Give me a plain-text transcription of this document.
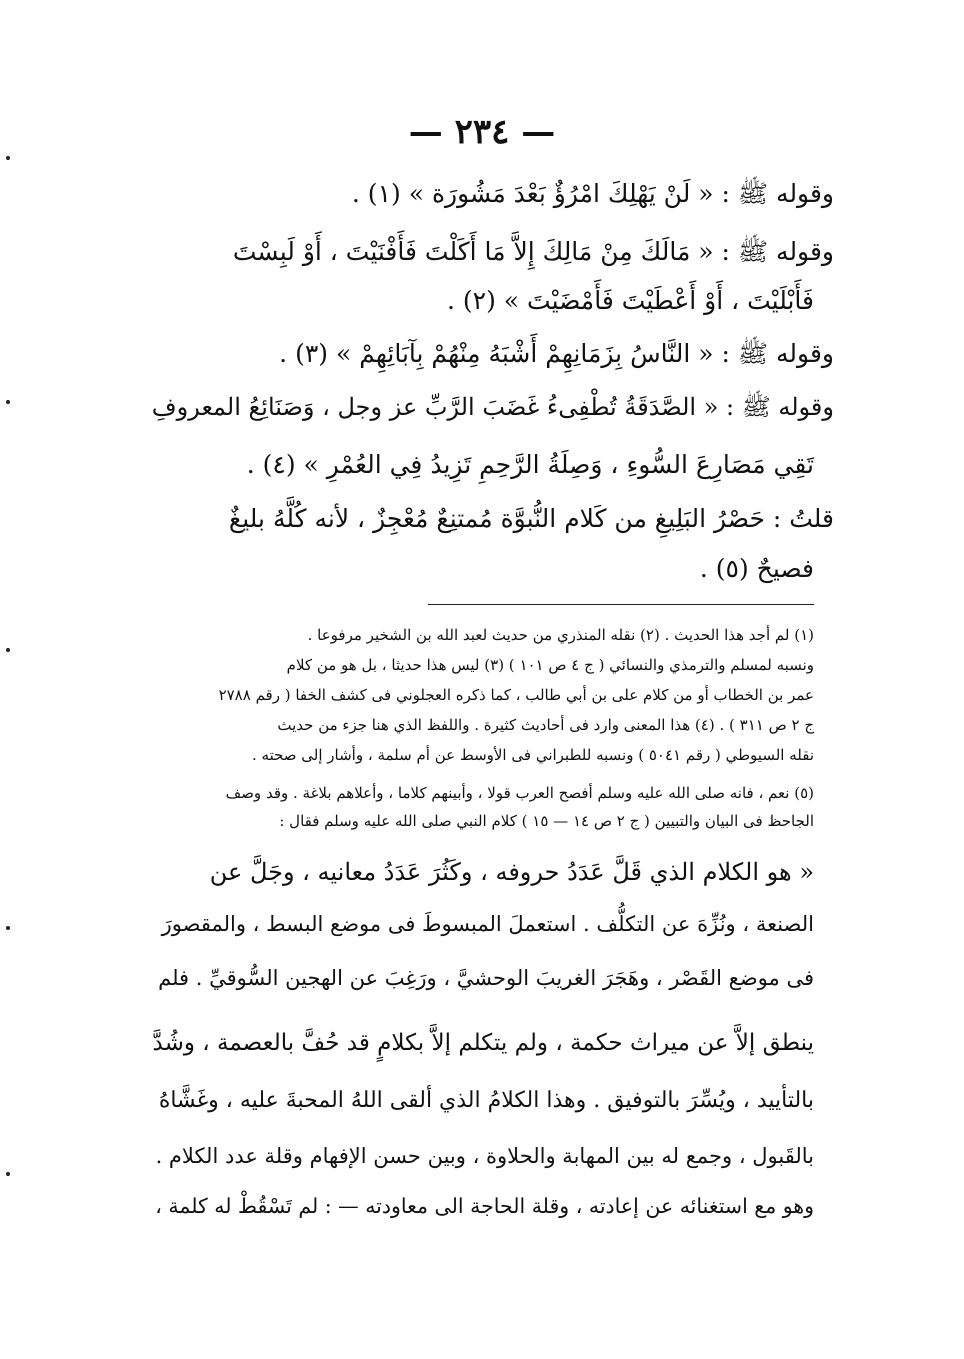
— ٢٣٤ —
وقوله ﷺ : « لَنْ يَهْلِكَ امْرُؤٌ بَعْدَ مَشُورَة » (١) .
وقوله ﷺ : « مَالَكَ مِنْ مَالِكَ إِلاَّ مَا أَكَلْتَ فَأَفْنَيْتَ ، أَوْ لَبِسْتَ
فَأَبْلَيْتَ ، أَوْ أَعْطَيْتَ فَأَمْضَيْتَ » (٢) .
وقوله ﷺ : « النَّاسُ بِزَمَانِهِمْ أَشْبَهُ مِنْهُمْ بِآبَائِهِمْ » (٣) .
وقوله ﷺ : « الصَّدَقَةُ تُطْفِىءُ غَضَبَ الرَّبِّ عز وجل ، وَصَنَائِعُ المعروفِ
تَقِي مَصَارِعَ السُّوءِ ، وَصِلَةُ الرَّحِمِ تَزِيدُ فِي العُمْرِ » (٤) .
قلتُ : حَصْرُ البَلِيغِ من كَلام النُّبوَّة مُمتنِعٌ مُعْجِزٌ ، لأنه كُلَّهُ بليغٌ
فصيحٌ (٥) .
(١) لم أجد هذا الحديث . (٢) نقله المنذري من حديث لعبد الله بن الشخير مرفوعا .
ونسبه لمسلم والترمذي والنسائي ( ج ٤ ص ١٠١ ) (٣) ليس هذا حديثا ، بل هو من كلام
عمر بن الخطاب أو من كلام على بن أبي طالب ، كما ذكره العجلوني فى كشف الخفا ( رقم ٢٧٨٨
ج ٢ ص ٣١١ ) . (٤) هذا المعنى وارد فى أحاديث كثيرة . واللفظ الذي هنا جزء من حديث
نقله السيوطي ( رقم ٥٠٤١ ) ونسبه للطبراني فى الأوسط عن أم سلمة ، وأشار إلى صحته .
(٥) نعم ، فانه صلى الله عليه وسلم أفصح العرب قولا ، وأبينهم كلاما ، وأعلاهم بلاغة . وقد وصف
الجاحظ فى البيان والتبيين ( ج ٢ ص ١٤ — ١٥ ) كلام النبي صلى الله عليه وسلم فقال :
« هو الكلام الذي قَلَّ عَدَدُ حروفه ، وكَثُرَ عَدَدُ معانيه ، وجَلَّ عن
الصنعة ، ونُزِّهَ عن التكلُّف . استعملَ المبسوطَ فى موضع البسط ، والمقصورَ
فى موضع القَصْر ، وهَجَرَ الغريبَ الوحشيَّ ، ورَغِبَ عن الهجين السُّوقيِّ . فلم
ينطق إلاَّ عن ميراث حكمة ، ولم يتكلم إلاَّ بكلامٍ قد حُفَّ بالعصمة ، وشُدَّ
بالتأييد ، ويُسِّرَ بالتوفيق . وهذا الكلامُ الذي ألقى اللهُ المحبةَ عليه ، وغَشَّاهُ
بالقَبول ، وجمع له بين المهابة والحلاوة ، وبين حسن الإفهام وقلة عدد الكلام .
وهو مع استغنائه عن إعادته ، وقلة الحاجة الى معاودته — : لم تَسْقُطْ له كلمة ،
